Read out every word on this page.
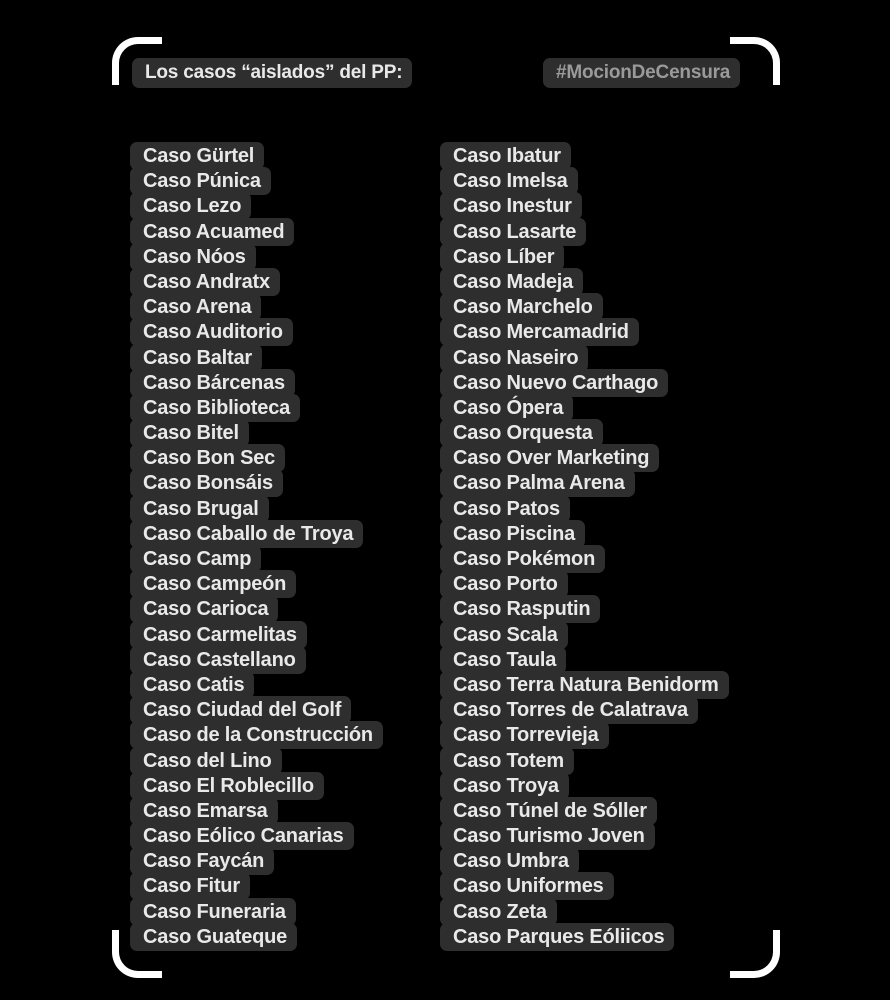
Los casos “aislados” del PP:	#MocionDeCensura
Caso Gürtel
Caso Púnica
Caso Lezo
Caso Acuamed
Caso Nóos
Caso Andratx
Caso Arena
Caso Auditorio
Caso Baltar
Caso Bárcenas
Caso Biblioteca
Caso Bitel
Caso Bon Sec
Caso Bonsáis
Caso Brugal
Caso Caballo de Troya
Caso Camp
Caso Campeón
Caso Carioca
Caso Carmelitas
Caso Castellano
Caso Catis
Caso Ciudad del Golf
Caso de la Construcción
Caso del Lino
Caso El Roblecillo
Caso Emarsa
Caso Eólico Canarias
Caso Faycán
Caso Fitur
Caso Funeraria
Caso Guateque
Caso Ibatur
Caso Imelsa
Caso Inestur
Caso Lasarte
Caso Líber
Caso Madeja
Caso Marchelo
Caso Mercamadrid
Caso Naseiro
Caso Nuevo Carthago
Caso Ópera
Caso Orquesta
Caso Over Marketing
Caso Palma Arena
Caso Patos
Caso Piscina
Caso Pokémon
Caso Porto
Caso Rasputin
Caso Scala
Caso Taula
Caso Terra Natura Benidorm
Caso Torres de Calatrava
Caso Torrevieja
Caso Totem
Caso Troya
Caso Túnel de Sóller
Caso Turismo Joven
Caso Umbra
Caso Uniformes
Caso Zeta
Caso Parques Eóliicos
